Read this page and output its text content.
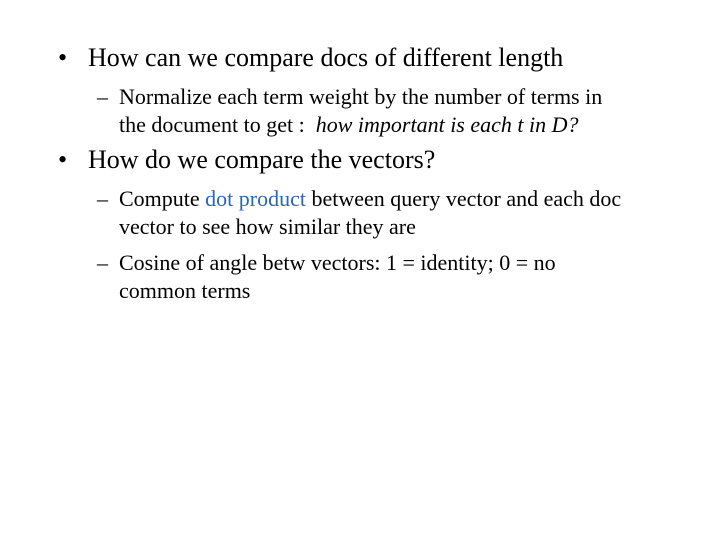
• How can we compare docs of different length
– Normalize each term weight by the number of terms in
the document to get :  how important is each t in D?
• How do we compare the vectors?
– Compute dot product between query vector and each doc vector to see how similar they are
– Cosine of angle betw vectors: 1 = identity; 0 = no common terms
